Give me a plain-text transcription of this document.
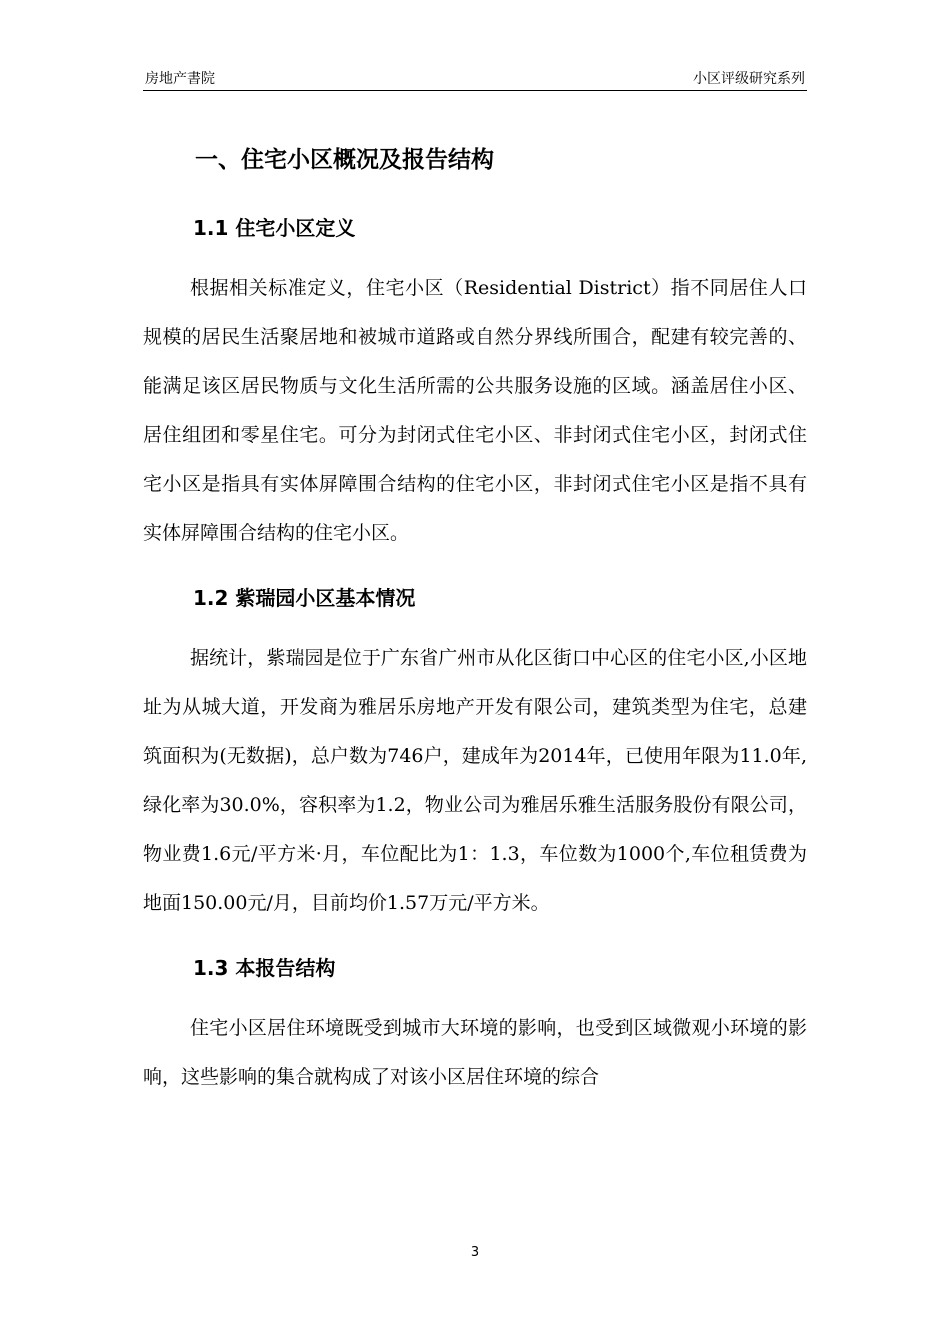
房地产書院	小区评级研究系列
一、住宅小区概况及报告结构
1.1 住宅小区定义

根据相关标准定义，住宅小区（Residential District）指不同居住人口规模的居民生活聚居地和被城市道路或自然分界线所围合，配建有较完善的、能满足该区居民物质与文化生活所需的公共服务设施的区域。涵盖居住小区、居住组团和零星住宅。可分为封闭式住宅小区、非封闭式住宅小区，封闭式住宅小区是指具有实体屏障围合结构的住宅小区，非封闭式住宅小区是指不具有实体屏障围合结构的住宅小区。

1.2 紫瑞园小区基本情况

据统计，紫瑞园是位于广东省广州市从化区街口中心区的住宅小区,小区地址为从城大道，开发商为雅居乐房地产开发有限公司，建筑类型为住宅，总建筑面积为(无数据)，总户数为746户，建成年为2014年，已使用年限为11.0年,绿化率为30.0%，容积率为1.2，物业公司为雅居乐雅生活服务股份有限公司，物业费1.6元/平方米·月，车位配比为1：1.3，车位数为1000个,车位租赁费为地面150.00元/月，目前均价1.57万元/平方米。

1.3 本报告结构

住宅小区居住环境既受到城市大环境的影响，也受到区域微观小环境的影响，这些影响的集合就构成了对该小区居住环境的综合

3
